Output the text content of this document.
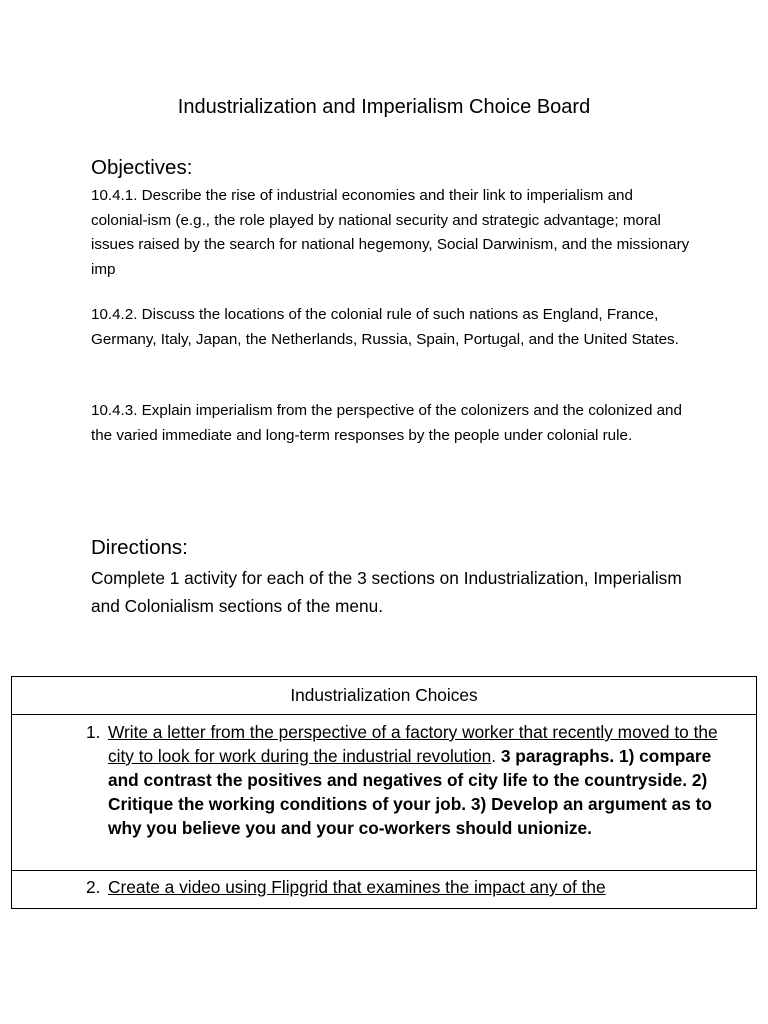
Industrialization and Imperialism Choice Board
Objectives:

10.4.1. Describe the rise of industrial economies and their link to imperialism and colonial-ism (e.g., the role played by national security and strategic advantage; moral issues raised by the search for national hegemony, Social Darwinism, and the missionary imp

10.4.2. Discuss the locations of the colonial rule of such nations as England, France, Germany, Italy, Japan, the Netherlands, Russia, Spain, Portugal, and the United States.

10.4.3. Explain imperialism from the perspective of the colonizers and the colonized and the varied immediate and long-term responses by the people under colonial rule.

Directions:

Complete 1 activity for each of the 3 sections on Industrialization, Imperialism and Colonialism sections of the menu.

Industrialization Choices
1. Write a letter from the perspective of a factory worker that recently moved to the city to look for work during the industrial revolution. 3 paragraphs. 1) compare and contrast the positives and negatives of city life to the countryside. 2) Critique the working conditions of your job. 3) Develop an argument as to why you believe you and your co-workers should unionize.
2. Create a video using Flipgrid that examines the impact any of the
